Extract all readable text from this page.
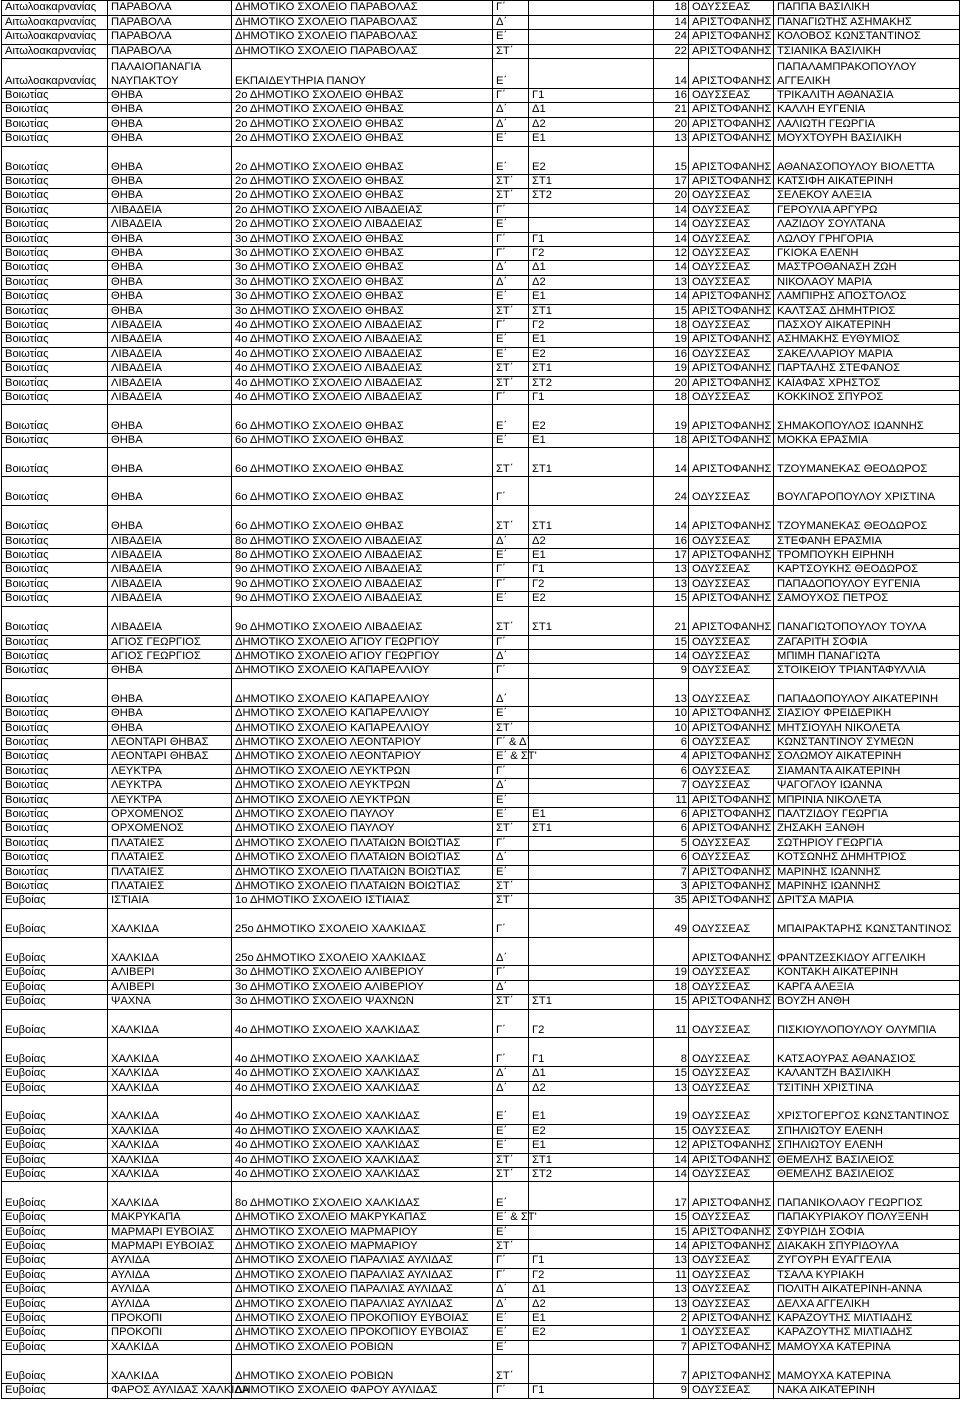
Αιτωλοακαρνανίας	ΠΑΡΑΒΟΛΑ	ΔΗΜΟΤΙΚΟ ΣΧΟΛΕΙΟ ΠΑΡΑΒΟΛΑΣ	Γ΄		18	ΟΔΥΣΣΕΑΣ	ΠΑΠΠΑ ΒΑΣΙΛΙΚΗ
Αιτωλοακαρνανίας	ΠΑΡΑΒΟΛΑ	ΔΗΜΟΤΙΚΟ ΣΧΟΛΕΙΟ ΠΑΡΑΒΟΛΑΣ	Δ΄		14	ΑΡΙΣΤΟΦΑΝΗΣ	ΠΑΝΑΓΙΩΤΗΣ ΑΣΗΜΑΚΗΣ
Αιτωλοακαρνανίας	ΠΑΡΑΒΟΛΑ	ΔΗΜΟΤΙΚΟ ΣΧΟΛΕΙΟ ΠΑΡΑΒΟΛΑΣ	Ε΄		24	ΑΡΙΣΤΟΦΑΝΗΣ	ΚΟΛΟΒΟΣ ΚΩΝΣΤΑΝΤΙΝΟΣ
Αιτωλοακαρνανίας	ΠΑΡΑΒΟΛΑ	ΔΗΜΟΤΙΚΟ ΣΧΟΛΕΙΟ ΠΑΡΑΒΟΛΑΣ	ΣΤ΄		22	ΑΡΙΣΤΟΦΑΝΗΣ	ΤΣΙΑΝΙΚΑ ΒΑΣΙΛΙΚΗ
Αιτωλοακαρνανίας	ΠΑΛΑΙΟΠΑΝΑΓΙΑ ΝΑΥΠΑΚΤΟΥ	ΕΚΠΑΙΔΕΥΤΗΡΙΑ ΠΑΝΟΥ	Ε΄		14	ΑΡΙΣΤΟΦΑΝΗΣ	ΠΑΠΑΛΑΜΠΡΑΚΟΠΟΥΛΟΥ ΑΓΓΕΛΙΚΗ
Βοιωτίας	ΘΗΒΑ	2ο ΔΗΜΟΤΙΚΟ ΣΧΟΛΕΙΟ ΘΗΒΑΣ	Γ΄	Γ1	16	ΟΔΥΣΣΕΑΣ	ΤΡΙΚΑΛΙΤΗ ΑΘΑΝΑΣΙΑ
Βοιωτίας	ΘΗΒΑ	2ο ΔΗΜΟΤΙΚΟ ΣΧΟΛΕΙΟ ΘΗΒΑΣ	Δ΄	Δ1	21	ΑΡΙΣΤΟΦΑΝΗΣ	ΚΑΛΛΗ ΕΥΓΕΝΙΑ
Βοιωτίας	ΘΗΒΑ	2ο ΔΗΜΟΤΙΚΟ ΣΧΟΛΕΙΟ ΘΗΒΑΣ	Δ΄	Δ2	20	ΑΡΙΣΤΟΦΑΝΗΣ	ΛΑΛΙΩΤΗ ΓΕΩΡΓΙΑ
Βοιωτίας	ΘΗΒΑ	2ο ΔΗΜΟΤΙΚΟ ΣΧΟΛΕΙΟ ΘΗΒΑΣ	Ε΄	Ε1	13	ΑΡΙΣΤΟΦΑΝΗΣ	ΜΟΥΧΤΟΥΡΗ ΒΑΣΙΛΙΚΗ
Βοιωτίας	ΘΗΒΑ	2ο ΔΗΜΟΤΙΚΟ ΣΧΟΛΕΙΟ ΘΗΒΑΣ	Ε΄	Ε2	15	ΑΡΙΣΤΟΦΑΝΗΣ	ΑΘΑΝΑΣΟΠΟΥΛΟΥ ΒΙΟΛΕΤΤΑ
Βοιωτίας	ΘΗΒΑ	2ο ΔΗΜΟΤΙΚΟ ΣΧΟΛΕΙΟ ΘΗΒΑΣ	ΣΤ΄	ΣΤ1	17	ΑΡΙΣΤΟΦΑΝΗΣ	ΚΑΤΣΙΦΗ ΑΙΚΑΤΕΡΙΝΗ
Βοιωτίας	ΘΗΒΑ	2ο ΔΗΜΟΤΙΚΟ ΣΧΟΛΕΙΟ ΘΗΒΑΣ	ΣΤ΄	ΣΤ2	20	ΟΔΥΣΣΕΑΣ	ΣΕΛΕΚΟΥ ΑΛΕΞΙΑ
Βοιωτίας	ΛΙΒΑΔΕΙΑ	2ο ΔΗΜΟΤΙΚΟ ΣΧΟΛΕΙΟ ΛΙΒΑΔΕΙΑΣ	Γ΄		14	ΟΔΥΣΣΕΑΣ	ΓΕΡΟΥΛΙΑ ΑΡΓΥΡΩ
Βοιωτίας	ΛΙΒΑΔΕΙΑ	2ο ΔΗΜΟΤΙΚΟ ΣΧΟΛΕΙΟ ΛΙΒΑΔΕΙΑΣ	Ε΄		14	ΟΔΥΣΣΕΑΣ	ΛΑΖΙΔΟΥ ΣΟΥΛΤΑΝΑ
Βοιωτίας	ΘΗΒΑ	3ο ΔΗΜΟΤΙΚΟ ΣΧΟΛΕΙΟ ΘΗΒΑΣ	Γ΄	Γ1	14	ΟΔΥΣΣΕΑΣ	ΛΩΛΟΥ ΓΡΗΓΟΡΙΑ
Βοιωτίας	ΘΗΒΑ	3ο ΔΗΜΟΤΙΚΟ ΣΧΟΛΕΙΟ ΘΗΒΑΣ	Γ΄	Γ2	12	ΟΔΥΣΣΕΑΣ	ΓΚΙΟΚΑ ΕΛΕΝΗ
Βοιωτίας	ΘΗΒΑ	3ο ΔΗΜΟΤΙΚΟ ΣΧΟΛΕΙΟ ΘΗΒΑΣ	Δ΄	Δ1	14	ΟΔΥΣΣΕΑΣ	ΜΑΣΤΡΟΘΑΝΑΣΗ ΖΩΗ
Βοιωτίας	ΘΗΒΑ	3ο ΔΗΜΟΤΙΚΟ ΣΧΟΛΕΙΟ ΘΗΒΑΣ	Δ΄	Δ2	13	ΟΔΥΣΣΕΑΣ	ΝΙΚΟΛΑΟΥ ΜΑΡΙΑ
Βοιωτίας	ΘΗΒΑ	3ο ΔΗΜΟΤΙΚΟ ΣΧΟΛΕΙΟ ΘΗΒΑΣ	Ε΄	Ε1	14	ΑΡΙΣΤΟΦΑΝΗΣ	ΛΑΜΠΙΡΗΣ ΑΠΟΣΤΟΛΟΣ
Βοιωτίας	ΘΗΒΑ	3ο ΔΗΜΟΤΙΚΟ ΣΧΟΛΕΙΟ ΘΗΒΑΣ	ΣΤ΄	ΣΤ1	15	ΑΡΙΣΤΟΦΑΝΗΣ	ΚΑΛΤΣΑΣ ΔΗΜΗΤΡΙΟΣ
Βοιωτίας	ΛΙΒΑΔΕΙΑ	4ο ΔΗΜΟΤΙΚΟ ΣΧΟΛΕΙΟ ΛΙΒΑΔΕΙΑΣ	Γ΄	Γ2	18	ΟΔΥΣΣΕΑΣ	ΠΑΣΧΟΥ ΑΙΚΑΤΕΡΙΝΗ
Βοιωτίας	ΛΙΒΑΔΕΙΑ	4ο ΔΗΜΟΤΙΚΟ ΣΧΟΛΕΙΟ ΛΙΒΑΔΕΙΑΣ	Ε΄	Ε1	19	ΑΡΙΣΤΟΦΑΝΗΣ	ΑΣΗΜΑΚΗΣ ΕΥΘΥΜΙΟΣ
Βοιωτίας	ΛΙΒΑΔΕΙΑ	4ο ΔΗΜΟΤΙΚΟ ΣΧΟΛΕΙΟ ΛΙΒΑΔΕΙΑΣ	Ε΄	Ε2	16	ΟΔΥΣΣΕΑΣ	ΣΑΚΕΛΛΑΡΙΟΥ ΜΑΡΙΑ
Βοιωτίας	ΛΙΒΑΔΕΙΑ	4ο ΔΗΜΟΤΙΚΟ ΣΧΟΛΕΙΟ ΛΙΒΑΔΕΙΑΣ	ΣΤ΄	ΣΤ1	19	ΑΡΙΣΤΟΦΑΝΗΣ	ΠΑΡΤΑΛΗΣ ΣΤΕΦΑΝΟΣ
Βοιωτίας	ΛΙΒΑΔΕΙΑ	4ο ΔΗΜΟΤΙΚΟ ΣΧΟΛΕΙΟ ΛΙΒΑΔΕΙΑΣ	ΣΤ΄	ΣΤ2	20	ΑΡΙΣΤΟΦΑΝΗΣ	ΚΑΪΑΦΑΣ ΧΡΗΣΤΟΣ
Βοιωτίας	ΛΙΒΑΔΕΙΑ	4ο ΔΗΜΟΤΙΚΟ ΣΧΟΛΕΙΟ ΛΙΒΑΔΕΙΑΣ	Γ΄	Γ1	18	ΟΔΥΣΣΕΑΣ	ΚΟΚΚΙΝΟΣ ΣΠΥΡΟΣ
Βοιωτίας	ΘΗΒΑ	6ο ΔΗΜΟΤΙΚΟ ΣΧΟΛΕΙΟ ΘΗΒΑΣ	Ε΄	Ε2	19	ΑΡΙΣΤΟΦΑΝΗΣ	ΣΗΜΑΚΟΠΟΥΛΟΣ ΙΩΑΝΝΗΣ
Βοιωτίας	ΘΗΒΑ	6ο ΔΗΜΟΤΙΚΟ ΣΧΟΛΕΙΟ ΘΗΒΑΣ	Ε΄	Ε1	18	ΑΡΙΣΤΟΦΑΝΗΣ	ΜΟΚΚΑ ΕΡΑΣΜΙΑ
Βοιωτίας	ΘΗΒΑ	6ο ΔΗΜΟΤΙΚΟ ΣΧΟΛΕΙΟ ΘΗΒΑΣ	ΣΤ΄	ΣΤ1	14	ΑΡΙΣΤΟΦΑΝΗΣ	ΤΖΟΥΜΑΝΕΚΑΣ ΘΕΟΔΩΡΟΣ
Βοιωτίας	ΘΗΒΑ	6ο ΔΗΜΟΤΙΚΟ ΣΧΟΛΕΙΟ ΘΗΒΑΣ	Γ΄		24	ΟΔΥΣΣΕΑΣ	ΒΟΥΛΓΑΡΟΠΟΥΛΟΥ ΧΡΙΣΤΙΝΑ
Βοιωτίας	ΘΗΒΑ	6ο ΔΗΜΟΤΙΚΟ ΣΧΟΛΕΙΟ ΘΗΒΑΣ	ΣΤ΄	ΣΤ1	14	ΑΡΙΣΤΟΦΑΝΗΣ	ΤΖΟΥΜΑΝΕΚΑΣ ΘΕΟΔΩΡΟΣ
Βοιωτίας	ΛΙΒΑΔΕΙΑ	8ο ΔΗΜΟΤΙΚΟ ΣΧΟΛΕΙΟ ΛΙΒΑΔΕΙΑΣ	Δ΄	Δ2	16	ΟΔΥΣΣΕΑΣ	ΣΤΕΦΑΝΗ ΕΡΑΣΜΙΑ
Βοιωτίας	ΛΙΒΑΔΕΙΑ	8ο ΔΗΜΟΤΙΚΟ ΣΧΟΛΕΙΟ ΛΙΒΑΔΕΙΑΣ	Ε΄	Ε1	17	ΑΡΙΣΤΟΦΑΝΗΣ	ΤΡΟΜΠΟΥΚΗ ΕΙΡΗΝΗ
Βοιωτίας	ΛΙΒΑΔΕΙΑ	9ο ΔΗΜΟΤΙΚΟ ΣΧΟΛΕΙΟ ΛΙΒΑΔΕΙΑΣ	Γ΄	Γ1	13	ΟΔΥΣΣΕΑΣ	ΚΑΡΤΣΟΥΚΗΣ ΘΕΟΔΩΡΟΣ
Βοιωτίας	ΛΙΒΑΔΕΙΑ	9ο ΔΗΜΟΤΙΚΟ ΣΧΟΛΕΙΟ ΛΙΒΑΔΕΙΑΣ	Γ΄	Γ2	13	ΟΔΥΣΣΕΑΣ	ΠΑΠΑΔΟΠΟΥΛΟΥ ΕΥΓΕΝΙΑ
Βοιωτίας	ΛΙΒΑΔΕΙΑ	9ο ΔΗΜΟΤΙΚΟ ΣΧΟΛΕΙΟ ΛΙΒΑΔΕΙΑΣ	Ε΄	Ε2	15	ΑΡΙΣΤΟΦΑΝΗΣ	ΣΑΜΟΥΧΟΣ ΠΕΤΡΟΣ
Βοιωτίας	ΛΙΒΑΔΕΙΑ	9ο ΔΗΜΟΤΙΚΟ ΣΧΟΛΕΙΟ ΛΙΒΑΔΕΙΑΣ	ΣΤ΄	ΣΤ1	21	ΑΡΙΣΤΟΦΑΝΗΣ	ΠΑΝΑΓΙΩΤΟΠΟΥΛΟΥ ΤΟΥΛΑ
Βοιωτίας	ΑΓΙΟΣ ΓΕΩΡΓΙΟΣ	ΔΗΜΟΤΙΚΟ ΣΧΟΛΕΙΟ ΑΓΙΟΥ ΓΕΩΡΓΙΟΥ	Γ΄		15	ΟΔΥΣΣΕΑΣ	ΖΑΓΑΡΙΤΗ ΣΟΦΙΑ
Βοιωτίας	ΑΓΙΟΣ ΓΕΩΡΓΙΟΣ	ΔΗΜΟΤΙΚΟ ΣΧΟΛΕΙΟ ΑΓΙΟΥ ΓΕΩΡΓΙΟΥ	Δ΄		14	ΟΔΥΣΣΕΑΣ	ΜΠΙΜΗ ΠΑΝΑΓΙΩΤΑ
Βοιωτίας	ΘΗΒΑ	ΔΗΜΟΤΙΚΟ ΣΧΟΛΕΙΟ ΚΑΠΑΡΕΛΛΙΟΥ	Γ΄		9	ΟΔΥΣΣΕΑΣ	ΣΤΟΙΚΕΙΟΥ ΤΡΙΑΝΤΑΦΥΛΛΙΑ
Βοιωτίας	ΘΗΒΑ	ΔΗΜΟΤΙΚΟ ΣΧΟΛΕΙΟ ΚΑΠΑΡΕΛΛΙΟΥ	Δ΄		13	ΟΔΥΣΣΕΑΣ	ΠΑΠΑΔΟΠΟΥΛΟΥ ΑΙΚΑΤΕΡΙΝΗ
Βοιωτίας	ΘΗΒΑ	ΔΗΜΟΤΙΚΟ ΣΧΟΛΕΙΟ ΚΑΠΑΡΕΛΛΙΟΥ	Ε΄		10	ΑΡΙΣΤΟΦΑΝΗΣ	ΣΙΑΣΙΟΥ ΦΡΕΙΔΕΡΙΚΗ
Βοιωτίας	ΘΗΒΑ	ΔΗΜΟΤΙΚΟ ΣΧΟΛΕΙΟ ΚΑΠΑΡΕΛΛΙΟΥ	ΣΤ΄		10	ΑΡΙΣΤΟΦΑΝΗΣ	ΜΗΤΣΙΟΥΛΗ ΝΙΚΟΛΕΤΑ
Βοιωτίας	ΛΕΟΝΤΑΡΙ ΘΗΒΑΣ	ΔΗΜΟΤΙΚΟ ΣΧΟΛΕΙΟ ΛΕΟΝΤΑΡΙΟΥ	Γ΄ & Δ΄		6	ΟΔΥΣΣΕΑΣ	ΚΩΝΣΤΑΝΤΙΝΟΥ ΣΥΜΕΩΝ
Βοιωτίας	ΛΕΟΝΤΑΡΙ ΘΗΒΑΣ	ΔΗΜΟΤΙΚΟ ΣΧΟΛΕΙΟ ΛΕΟΝΤΑΡΙΟΥ	Ε΄ & ΣΤ'		4	ΑΡΙΣΤΟΦΑΝΗΣ	ΣΟΛΩΜΟΥ ΑΙΚΑΤΕΡΙΝΗ
Βοιωτίας	ΛΕΥΚΤΡΑ	ΔΗΜΟΤΙΚΟ ΣΧΟΛΕΙΟ ΛΕΥΚΤΡΩΝ	Γ΄		6	ΟΔΥΣΣΕΑΣ	ΣΙΑΜΑΝΤΑ ΑΙΚΑΤΕΡΙΝΗ
Βοιωτίας	ΛΕΥΚΤΡΑ	ΔΗΜΟΤΙΚΟ ΣΧΟΛΕΙΟ ΛΕΥΚΤΡΩΝ	Δ΄		7	ΟΔΥΣΣΕΑΣ	ΨΑΓΟΓΛΟΥ ΙΩΑΝΝΑ
Βοιωτίας	ΛΕΥΚΤΡΑ	ΔΗΜΟΤΙΚΟ ΣΧΟΛΕΙΟ ΛΕΥΚΤΡΩΝ	Ε΄		11	ΑΡΙΣΤΟΦΑΝΗΣ	ΜΠΡΙΝΙΑ ΝΙΚΟΛΕΤΑ
Βοιωτίας	ΟΡΧΟΜΕΝΟΣ	ΔΗΜΟΤΙΚΟ ΣΧΟΛΕΙΟ ΠΑΥΛΟΥ	Ε΄	Ε1	6	ΑΡΙΣΤΟΦΑΝΗΣ	ΠΑΛΤΖΙΔΟΥ ΓΕΩΡΓΙΑ
Βοιωτίας	ΟΡΧΟΜΕΝΟΣ	ΔΗΜΟΤΙΚΟ ΣΧΟΛΕΙΟ ΠΑΥΛΟΥ	ΣΤ΄	ΣΤ1	6	ΑΡΙΣΤΟΦΑΝΗΣ	ΖΗΣΑΚΗ ΞΑΝΘΗ
Βοιωτίας	ΠΛΑΤΑΙΕΣ	ΔΗΜΟΤΙΚΟ ΣΧΟΛΕΙΟ ΠΛΑΤΑΙΩΝ ΒΟΙΩΤΙΑΣ	Γ΄		5	ΟΔΥΣΣΕΑΣ	ΣΩΤΗΡΙΟΥ ΓΕΩΡΓΙΑ
Βοιωτίας	ΠΛΑΤΑΙΕΣ	ΔΗΜΟΤΙΚΟ ΣΧΟΛΕΙΟ ΠΛΑΤΑΙΩΝ ΒΟΙΩΤΙΑΣ	Δ΄		6	ΟΔΥΣΣΕΑΣ	ΚΟΤΣΩΝΗΣ ΔΗΜΗΤΡΙΟΣ
Βοιωτίας	ΠΛΑΤΑΙΕΣ	ΔΗΜΟΤΙΚΟ ΣΧΟΛΕΙΟ ΠΛΑΤΑΙΩΝ ΒΟΙΩΤΙΑΣ	Ε΄		7	ΑΡΙΣΤΟΦΑΝΗΣ	ΜΑΡΙΝΗΣ ΙΩΑΝΝΗΣ
Βοιωτίας	ΠΛΑΤΑΙΕΣ	ΔΗΜΟΤΙΚΟ ΣΧΟΛΕΙΟ ΠΛΑΤΑΙΩΝ ΒΟΙΩΤΙΑΣ	ΣΤ΄		3	ΑΡΙΣΤΟΦΑΝΗΣ	ΜΑΡΙΝΗΣ ΙΩΑΝΝΗΣ
Ευβοίας	ΙΣΤΙΑΙΑ	1ο ΔΗΜΟΤΙΚΟ ΣΧΟΛΕΙΟ ΙΣΤΙΑΙΑΣ	ΣΤ΄		35	ΑΡΙΣΤΟΦΑΝΗΣ	ΔΡΙΤΣΑ ΜΑΡΙΑ
Ευβοίας	ΧΑΛΚΙΔΑ	25ο ΔΗΜΟΤΙΚΟ ΣΧΟΛΕΙΟ ΧΑΛΚΙΔΑΣ	Γ΄		49	ΟΔΥΣΣΕΑΣ	ΜΠΑΙΡΑΚΤΑΡΗΣ ΚΩΝΣΤΑΝΤΙΝΟΣ
Ευβοίας	ΧΑΛΚΙΔΑ	25ο ΔΗΜΟΤΙΚΟ ΣΧΟΛΕΙΟ ΧΑΛΚΙΔΑΣ	Δ΄			ΑΡΙΣΤΟΦΑΝΗΣ	ΦΡΑΝΤΖΕΣΚΙΔΟΥ ΑΓΓΕΛΙΚΗ
Ευβοίας	ΑΛΙΒΕΡΙ	3ο ΔΗΜΟΤΙΚΟ ΣΧΟΛΕΙΟ ΑΛΙΒΕΡΙΟΥ	Γ΄		19	ΟΔΥΣΣΕΑΣ	ΚΟΝΤΑΚΗ ΑΙΚΑΤΕΡΙΝΗ
Ευβοίας	ΑΛΙΒΕΡΙ	3ο ΔΗΜΟΤΙΚΟ ΣΧΟΛΕΙΟ ΑΛΙΒΕΡΙΟΥ	Δ΄		18	ΟΔΥΣΣΕΑΣ	ΚΑΡΓΑ ΑΛΕΞΙΑ
Ευβοίας	ΨΑΧΝΑ	3ο ΔΗΜΟΤΙΚΟ ΣΧΟΛΕΙΟ ΨΑΧΝΩΝ	ΣΤ΄	ΣΤ1	15	ΑΡΙΣΤΟΦΑΝΗΣ	ΒΟΥΖΗ ΑΝΘΗ
Ευβοίας	ΧΑΛΚΙΔΑ	4ο ΔΗΜΟΤΙΚΟ ΣΧΟΛΕΙΟ ΧΑΛΚΙΔΑΣ	Γ΄	Γ2	11	ΟΔΥΣΣΕΑΣ	ΠΙΣΚΙΟΥΛΟΠΟΥΛΟΥ ΟΛΥΜΠΙΑ
Ευβοίας	ΧΑΛΚΙΔΑ	4ο ΔΗΜΟΤΙΚΟ ΣΧΟΛΕΙΟ ΧΑΛΚΙΔΑΣ	Γ΄	Γ1	8	ΟΔΥΣΣΕΑΣ	ΚΑΤΣΑΟΥΡΑΣ ΑΘΑΝΑΣΙΟΣ
Ευβοίας	ΧΑΛΚΙΔΑ	4ο ΔΗΜΟΤΙΚΟ ΣΧΟΛΕΙΟ ΧΑΛΚΙΔΑΣ	Δ΄	Δ1	15	ΟΔΥΣΣΕΑΣ	ΚΑΛΑΝΤΖΗ ΒΑΣΙΛΙΚΗ
Ευβοίας	ΧΑΛΚΙΔΑ	4ο ΔΗΜΟΤΙΚΟ ΣΧΟΛΕΙΟ ΧΑΛΚΙΔΑΣ	Δ΄	Δ2	13	ΟΔΥΣΣΕΑΣ	ΤΣΙΤΙΝΗ ΧΡΙΣΤΙΝΑ
Ευβοίας	ΧΑΛΚΙΔΑ	4ο ΔΗΜΟΤΙΚΟ ΣΧΟΛΕΙΟ ΧΑΛΚΙΔΑΣ	Ε΄	Ε1	19	ΟΔΥΣΣΕΑΣ	ΧΡΙΣΤΟΓΕΡΓΟΣ ΚΩΝΣΤΑΝΤΙΝΟΣ
Ευβοίας	ΧΑΛΚΙΔΑ	4ο ΔΗΜΟΤΙΚΟ ΣΧΟΛΕΙΟ ΧΑΛΚΙΔΑΣ	Ε΄	Ε2	15	ΟΔΥΣΣΕΑΣ	ΣΠΗΛΙΩΤΟΥ ΕΛΕΝΗ
Ευβοίας	ΧΑΛΚΙΔΑ	4ο ΔΗΜΟΤΙΚΟ ΣΧΟΛΕΙΟ ΧΑΛΚΙΔΑΣ	Ε΄	Ε1	12	ΑΡΙΣΤΟΦΑΝΗΣ	ΣΠΗΛΙΩΤΟΥ ΕΛΕΝΗ
Ευβοίας	ΧΑΛΚΙΔΑ	4ο ΔΗΜΟΤΙΚΟ ΣΧΟΛΕΙΟ ΧΑΛΚΙΔΑΣ	ΣΤ΄	ΣΤ1	14	ΑΡΙΣΤΟΦΑΝΗΣ	ΘΕΜΕΛΗΣ ΒΑΣΙΛΕΙΟΣ
Ευβοίας	ΧΑΛΚΙΔΑ	4ο ΔΗΜΟΤΙΚΟ ΣΧΟΛΕΙΟ ΧΑΛΚΙΔΑΣ	ΣΤ΄	ΣΤ2	14	ΟΔΥΣΣΕΑΣ	ΘΕΜΕΛΗΣ ΒΑΣΙΛΕΙΟΣ
Ευβοίας	ΧΑΛΚΙΔΑ	8ο ΔΗΜΟΤΙΚΟ ΣΧΟΛΕΙΟ ΧΑΛΚΙΔΑΣ	Ε΄		17	ΑΡΙΣΤΟΦΑΝΗΣ	ΠΑΠΑΝΙΚΟΛΑΟΥ ΓΕΩΡΓΙΟΣ
Ευβοίας	ΜΑΚΡΥΚΑΠΑ	ΔΗΜΟΤΙΚΟ ΣΧΟΛΕΙΟ ΜΑΚΡΥΚΑΠΑΣ	Ε΄ & ΣΤ'		15	ΟΔΥΣΣΕΑΣ	ΠΑΠΑΚΥΡΙΑΚΟΥ ΠΟΛΥΞΕΝΗ
Ευβοίας	ΜΑΡΜΑΡΙ ΕΥΒΟΙΑΣ	ΔΗΜΟΤΙΚΟ ΣΧΟΛΕΙΟ ΜΑΡΜΑΡΙΟΥ	Ε΄		15	ΑΡΙΣΤΟΦΑΝΗΣ	ΣΦΥΡΙΔΗ ΣΟΦΙΑ
Ευβοίας	ΜΑΡΜΑΡΙ ΕΥΒΟΙΑΣ	ΔΗΜΟΤΙΚΟ ΣΧΟΛΕΙΟ ΜΑΡΜΑΡΙΟΥ	ΣΤ΄		14	ΑΡΙΣΤΟΦΑΝΗΣ	ΔΙΑΚΑΚΗ ΣΠΥΡΙΔΟΥΛΑ
Ευβοίας	ΑΥΛΙΔΑ	ΔΗΜΟΤΙΚΟ ΣΧΟΛΕΙΟ ΠΑΡΑΛΙΑΣ ΑΥΛΙΔΑΣ	Γ΄	Γ1	13	ΟΔΥΣΣΕΑΣ	ΖΥΓΟΥΡΗ ΕΥΑΓΓΕΛΙΑ
Ευβοίας	ΑΥΛΙΔΑ	ΔΗΜΟΤΙΚΟ ΣΧΟΛΕΙΟ ΠΑΡΑΛΙΑΣ ΑΥΛΙΔΑΣ	Γ΄	Γ2	11	ΟΔΥΣΣΕΑΣ	ΤΣΑΛΑ ΚΥΡΙΑΚΗ
Ευβοίας	ΑΥΛΙΔΑ	ΔΗΜΟΤΙΚΟ ΣΧΟΛΕΙΟ ΠΑΡΑΛΙΑΣ ΑΥΛΙΔΑΣ	Δ΄	Δ1	13	ΟΔΥΣΣΕΑΣ	ΠΟΛΙΤΗ ΑΙΚΑΤΕΡΙΝΗ-ΑΝΝΑ
Ευβοίας	ΑΥΛΙΔΑ	ΔΗΜΟΤΙΚΟ ΣΧΟΛΕΙΟ ΠΑΡΑΛΙΑΣ ΑΥΛΙΔΑΣ	Δ΄	Δ2	13	ΟΔΥΣΣΕΑΣ	ΔΕΛΧΑ ΑΓΓΕΛΙΚΗ
Ευβοίας	ΠΡΟΚΟΠΙ	ΔΗΜΟΤΙΚΟ ΣΧΟΛΕΙΟ ΠΡΟΚΟΠΙΟΥ ΕΥΒΟΙΑΣ	Ε΄	Ε1	2	ΑΡΙΣΤΟΦΑΝΗΣ	ΚΑΡΑΖΟΥΤΗΣ ΜΙΛΤΙΑΔΗΣ
Ευβοίας	ΠΡΟΚΟΠΙ	ΔΗΜΟΤΙΚΟ ΣΧΟΛΕΙΟ ΠΡΟΚΟΠΙΟΥ ΕΥΒΟΙΑΣ	Ε΄	Ε2	1	ΟΔΥΣΣΕΑΣ	ΚΑΡΑΖΟΥΤΗΣ ΜΙΛΤΙΑΔΗΣ
Ευβοίας	ΧΑΛΚΙΔΑ	ΔΗΜΟΤΙΚΟ ΣΧΟΛΕΙΟ ΡΟΒΙΩΝ	Ε΄		7	ΑΡΙΣΤΟΦΑΝΗΣ	ΜΑΜΟΥΧΑ ΚΑΤΕΡΙΝΑ
Ευβοίας	ΧΑΛΚΙΔΑ	ΔΗΜΟΤΙΚΟ ΣΧΟΛΕΙΟ ΡΟΒΙΩΝ	ΣΤ΄		7	ΑΡΙΣΤΟΦΑΝΗΣ	ΜΑΜΟΥΧΑ ΚΑΤΕΡΙΝΑ
Ευβοίας	ΦΑΡΟΣ ΑΥΛΙΔΑΣ ΧΑΛΚΙΔΑ	ΔΗΜΟΤΙΚΟ ΣΧΟΛΕΙΟ ΦΑΡΟΥ ΑΥΛΙΔΑΣ	Γ΄	Γ1	9	ΟΔΥΣΣΕΑΣ	ΝΑΚΑ ΑΙΚΑΤΕΡΙΝΗ
